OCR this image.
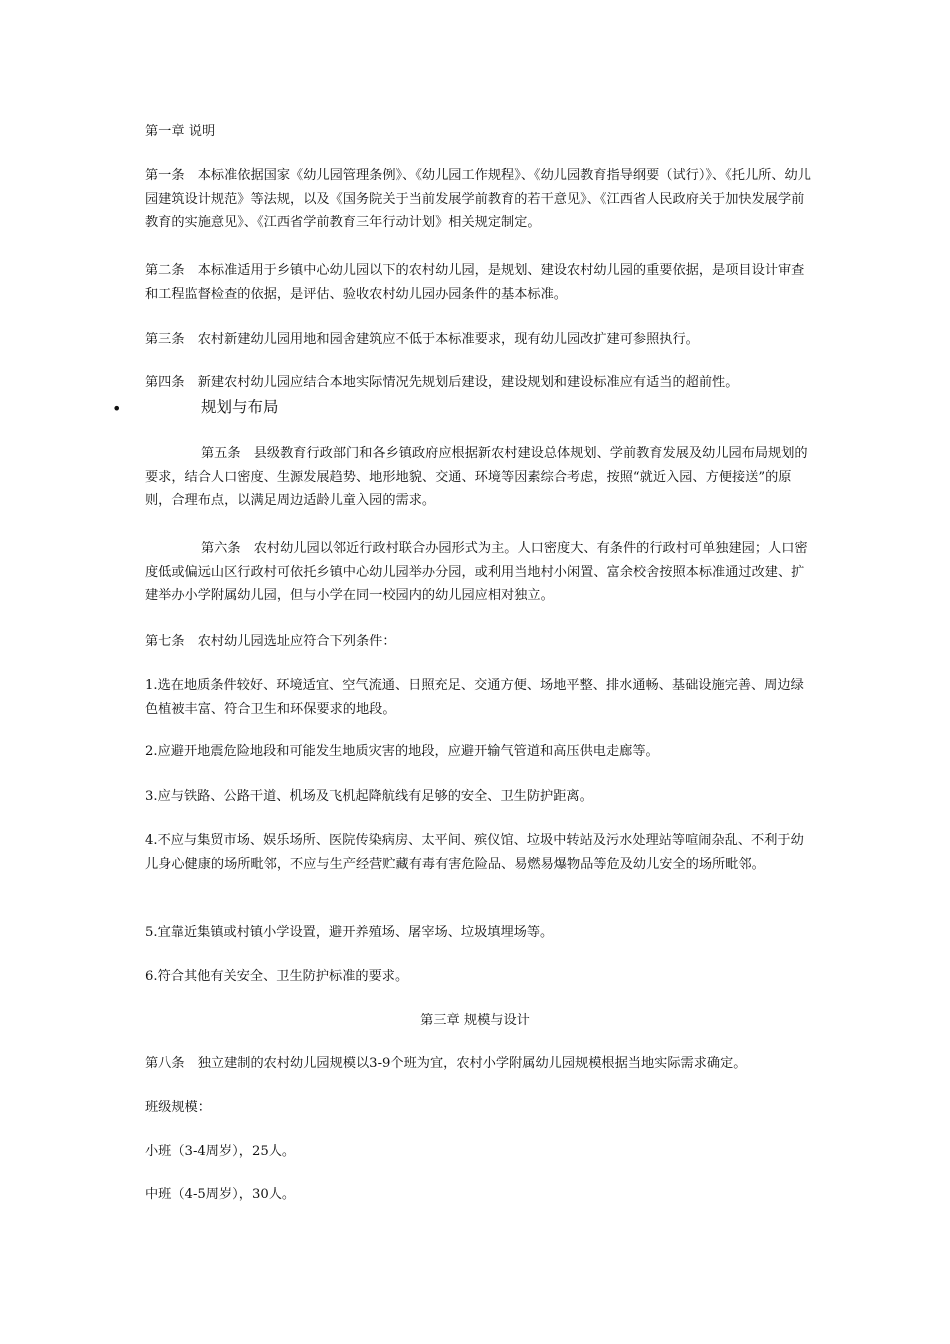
第一章 说明

第一条　本标准依据国家《幼儿园管理条例》、《幼儿园工作规程》、《幼儿园教育指导纲要（试行）》、《托儿所、幼儿园建筑设计规范》等法规，以及《国务院关于当前发展学前教育的若干意见》、《江西省人民政府关于加快发展学前教育的实施意见》、《江西省学前教育三年行动计划》相关规定制定。

第二条　本标准适用于乡镇中心幼儿园以下的农村幼儿园，是规划、建设农村幼儿园的重要依据，是项目设计审查和工程监督检查的依据，是评估、验收农村幼儿园办园条件的基本标准。

第三条　农村新建幼儿园用地和园舍建筑应不低于本标准要求，现有幼儿园改扩建可参照执行。

第四条　新建农村幼儿园应结合本地实际情况先规划后建设，建设规划和建设标准应有适当的超前性。

•	规划与布局

第五条　县级教育行政部门和各乡镇政府应根据新农村建设总体规划、学前教育发展及幼儿园布局规划的要求，结合人口密度、生源发展趋势、地形地貌、交通、环境等因素综合考虑，按照“就近入园、方便接送”的原则，合理布点，以满足周边适龄儿童入园的需求。

第六条　农村幼儿园以邻近行政村联合办园形式为主。人口密度大、有条件的行政村可单独建园；人口密度低或偏远山区行政村可依托乡镇中心幼儿园举办分园，或利用当地村小闲置、富余校舍按照本标准通过改建、扩建举办小学附属幼儿园，但与小学在同一校园内的幼儿园应相对独立。

第七条　农村幼儿园选址应符合下列条件：

1.选在地质条件较好、环境适宜、空气流通、日照充足、交通方便、场地平整、排水通畅、基础设施完善、周边绿色植被丰富、符合卫生和环保要求的地段。

2.应避开地震危险地段和可能发生地质灾害的地段，应避开输气管道和高压供电走廊等。

3.应与铁路、公路干道、机场及飞机起降航线有足够的安全、卫生防护距离。

4.不应与集贸市场、娱乐场所、医院传染病房、太平间、殡仪馆、垃圾中转站及污水处理站等喧闹杂乱、不利于幼儿身心健康的场所毗邻，不应与生产经营贮藏有毒有害危险品、易燃易爆物品等危及幼儿安全的场所毗邻。

5.宜靠近集镇或村镇小学设置，避开养殖场、屠宰场、垃圾填埋场等。

6.符合其他有关安全、卫生防护标准的要求。

第三章 规模与设计

第八条　独立建制的农村幼儿园规模以3-9个班为宜，农村小学附属幼儿园规模根据当地实际需求确定。

班级规模：

小班（3-4周岁），25人。

中班（4-5周岁），30人。
